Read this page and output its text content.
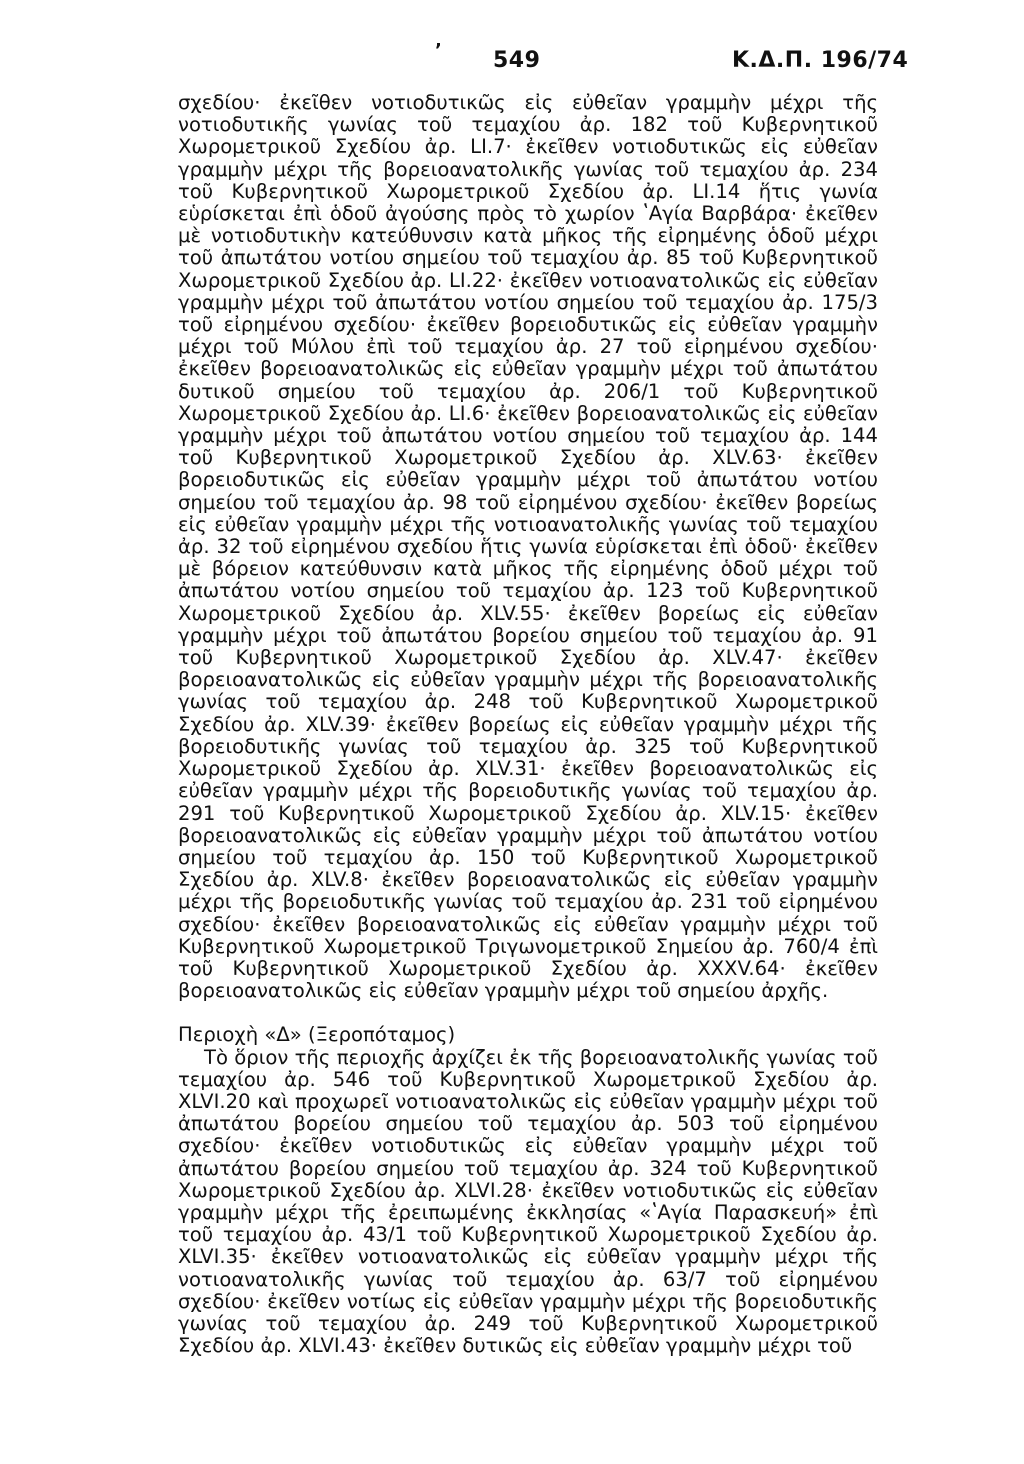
ʼ 549	Κ.Δ.Π. 196/74

σχεδίου· ἐκεῖθεν νοτιοδυτικῶς εἰς εὐθεῖαν γραμμὴν μέχρι τῆς νοτιοδυτικῆς γωνίας τοῦ τεμαχίου ἀρ. 182 τοῦ Κυβερνητικοῦ Χωρομετρικοῦ Σχεδίου ἀρ. LI.7· ἐκεῖθεν νοτιοδυτικῶς εἰς εὐθεῖαν γραμμὴν μέχρι τῆς βορειοανατολικῆς γωνίας τοῦ τεμαχίου ἀρ. 234 τοῦ Κυβερνητικοῦ Χωρομετρικοῦ Σχεδίου ἀρ. LI.14 ἥτις γωνία εὑρίσκεται ἐπὶ ὁδοῦ ἀγούσης πρὸς τὸ χωρίον ʽΑγία Βαρβάρα· ἐκεῖθεν μὲ νοτιοδυτικὴν κατεύθυνσιν κατὰ μῆκος τῆς εἰρημένης ὁδοῦ μέχρι τοῦ ἀπωτάτου νοτίου σημείου τοῦ τεμαχίου ἀρ. 85 τοῦ Κυβερνητικοῦ Χωρομετρικοῦ Σχεδίου ἀρ. LI.22· ἐκεῖθεν νοτιοανατολικῶς εἰς εὐθεῖαν γραμμὴν μέχρι τοῦ ἀπωτάτου νοτίου σημείου τοῦ τεμαχίου ἀρ. 175/3 τοῦ εἰρημένου σχεδίου· ἐκεῖθεν βορειοδυτικῶς εἰς εὐθεῖαν γραμμὴν μέχρι τοῦ Μύλου ἐπὶ τοῦ τεμαχίου ἀρ. 27 τοῦ εἰρημένου σχεδίου· ἐκεῖθεν βορειοανατολικῶς εἰς εὐθεῖαν γραμμὴν μέχρι τοῦ ἀπωτάτου δυτικοῦ σημείου τοῦ τεμαχίου ἀρ. 206/1 τοῦ Κυβερνητικοῦ Χωρομετρικοῦ Σχεδίου ἀρ. LI.6· ἐκεῖθεν βορειοανατολικῶς εἰς εὐθεῖαν γραμμὴν μέχρι τοῦ ἀπωτάτου νοτίου σημείου τοῦ τεμαχίου ἀρ. 144 τοῦ Κυβερνητικοῦ Χωρομετρικοῦ Σχεδίου ἀρ. XLV.63· ἐκεῖθεν βορειοδυτικῶς εἰς εὐθεῖαν γραμμὴν μέχρι τοῦ ἀπωτάτου νοτίου σημείου τοῦ τεμαχίου ἀρ. 98 τοῦ εἰρημένου σχεδίου· ἐκεῖθεν βορείως εἰς εὐθεῖαν γραμμὴν μέχρι τῆς νοτιοανατολικῆς γωνίας τοῦ τεμαχίου ἀρ. 32 τοῦ εἰρημένου σχεδίου ἥτις γωνία εὑρίσκεται ἐπὶ ὁδοῦ· ἐκεῖθεν μὲ βόρειον κατεύθυνσιν κατὰ μῆκος τῆς εἰρημένης ὁδοῦ μέχρι τοῦ ἀπωτάτου νοτίου σημείου τοῦ τεμαχίου ἀρ. 123 τοῦ Κυβερνητικοῦ Χωρομετρικοῦ Σχεδίου ἀρ. XLV.55· ἐκεῖθεν βορείως εἰς εὐθεῖαν γραμμὴν μέχρι τοῦ ἀπωτάτου βορείου σημείου τοῦ τεμαχίου ἀρ. 91 τοῦ Κυβερνητικοῦ Χωρομετρικοῦ Σχεδίου ἀρ. XLV.47· ἐκεῖθεν βορειοανατολικῶς εἰς εὐθεῖαν γραμμὴν μέχρι τῆς βορειοανατολικῆς γωνίας τοῦ τεμαχίου ἀρ. 248 τοῦ Κυβερνητικοῦ Χωρομετρικοῦ Σχεδίου ἀρ. XLV.39· ἐκεῖθεν βορείως εἰς εὐθεῖαν γραμμὴν μέχρι τῆς βορειοδυτικῆς γωνίας τοῦ τεμαχίου ἀρ. 325 τοῦ Κυβερνητικοῦ Χωρομετρικοῦ Σχεδίου ἀρ. XLV.31· ἐκεῖθεν βορειοανατολικῶς εἰς εὐθεῖαν γραμμὴν μέχρι τῆς βορειοδυτικῆς γωνίας τοῦ τεμαχίου ἀρ. 291 τοῦ Κυβερνητικοῦ Χωρομετρικοῦ Σχεδίου ἀρ. XLV.15· ἐκεῖθεν βορειοανατολικῶς εἰς εὐθεῖαν γραμμὴν μέχρι τοῦ ἀπωτάτου νοτίου σημείου τοῦ τεμαχίου ἀρ. 150 τοῦ Κυβερνητικοῦ Χωρομετρικοῦ Σχεδίου ἀρ. XLV.8· ἐκεῖθεν βορειοανατολικῶς εἰς εὐθεῖαν γραμμὴν μέχρι τῆς βορειοδυτικῆς γωνίας τοῦ τεμαχίου ἀρ. 231 τοῦ εἰρημένου σχεδίου· ἐκεῖθεν βορειοανατολικῶς εἰς εὐθεῖαν γραμμὴν μέχρι τοῦ Κυβερνητικοῦ Χωρομετρικοῦ Τριγωνομετρικοῦ Σημείου ἀρ. 760/4 ἐπὶ τοῦ Κυβερνητικοῦ Χωρομετρικοῦ Σχεδίου ἀρ. XXXV.64· ἐκεῖθεν βορειοανατολικῶς εἰς εὐθεῖαν γραμμὴν μέχρι τοῦ σημείου ἀρχῆς.

Περιοχὴ «Δ» (Ξεροπόταμος)

Τὸ ὅριον τῆς περιοχῆς ἀρχίζει ἐκ τῆς βορειοανατολικῆς γωνίας τοῦ τεμαχίου ἀρ. 546 τοῦ Κυβερνητικοῦ Χωρομετρικοῦ Σχεδίου ἀρ. XLVI.20 καὶ προχωρεῖ νοτιοανατολικῶς εἰς εὐθεῖαν γραμμὴν μέχρι τοῦ ἀπωτάτου βορείου σημείου τοῦ τεμαχίου ἀρ. 503 τοῦ εἰρημένου σχεδίου· ἐκεῖθεν νοτιοδυτικῶς εἰς εὐθεῖαν γραμμὴν μέχρι τοῦ ἀπωτάτου βορείου σημείου τοῦ τεμαχίου ἀρ. 324 τοῦ Κυβερνητικοῦ Χωρομετρικοῦ Σχεδίου ἀρ. XLVI.28· ἐκεῖθεν νοτιοδυτικῶς εἰς εὐθεῖαν γραμμὴν μέχρι τῆς ἐρειπωμένης ἐκκλησίας «ʽΑγία Παρασκευή» ἐπὶ τοῦ τεμαχίου ἀρ. 43/1 τοῦ Κυβερνητικοῦ Χωρομετρικοῦ Σχεδίου ἀρ. XLVI.35· ἐκεῖθεν νοτιοανατολικῶς εἰς εὐθεῖαν γραμμὴν μέχρι τῆς νοτιοανατολικῆς γωνίας τοῦ τεμαχίου ἀρ. 63/7 τοῦ εἰρημένου σχεδίου· ἐκεῖθεν νοτίως εἰς εὐθεῖαν γραμμὴν μέχρι τῆς βορειοδυτικῆς γωνίας τοῦ τεμαχίου ἀρ. 249 τοῦ Κυβερνητικοῦ Χωρομετρικοῦ Σχεδίου ἀρ. XLVI.43· ἐκεῖθεν δυτικῶς εἰς εὐθεῖαν γραμμὴν μέχρι τοῦ
